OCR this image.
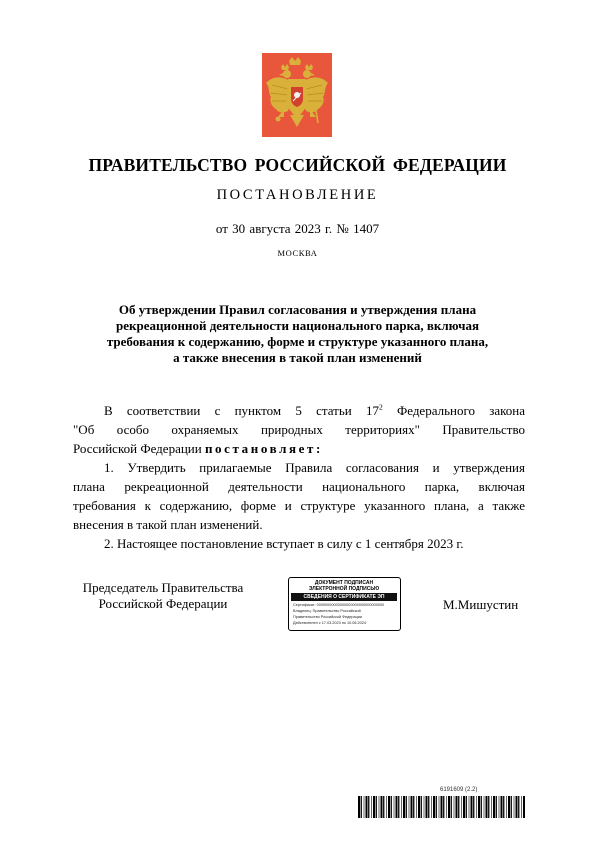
ПРАВИТЕЛЬСТВО РОССИЙСКОЙ ФЕДЕРАЦИИ
ПОСТАНОВЛЕНИЕ
от 30 августа 2023 г. № 1407
МОСКВА
Об утверждении Правил согласования и утверждения плана
рекреационной деятельности национального парка, включая
требования к содержанию, форме и структуре указанного плана,
а также внесения в такой план изменений
В соответствии с пунктом 5 статьи $17^2$ Федерального закона
"Об особо охраняемых природных территориях" Правительство
Российской Федерации постановляет:
1. Утвердить прилагаемые Правила согласования и утверждения
плана рекреационной деятельности национального парка, включая
требования к содержанию, форме и структуре указанного плана, а также
внесения в такой план изменений.
2. Настоящее постановление вступает в силу с 1 сентября 2023 г.
Председатель Правительства
Российской Федерации
ДОКУМЕНТ ПОДПИСАН
ЭЛЕКТРОННОЙ ПОДПИСЬЮ
СВЕДЕНИЯ О СЕРТИФИКАТЕ ЭП
Сертификат: 00000000000000000000000000000000
Владелец: Правительство Российской
Правительство Российской Федерации
Действителен с 17.03.2023 по 10.06.2024
М.Мишустин
6191609 (2.2)
